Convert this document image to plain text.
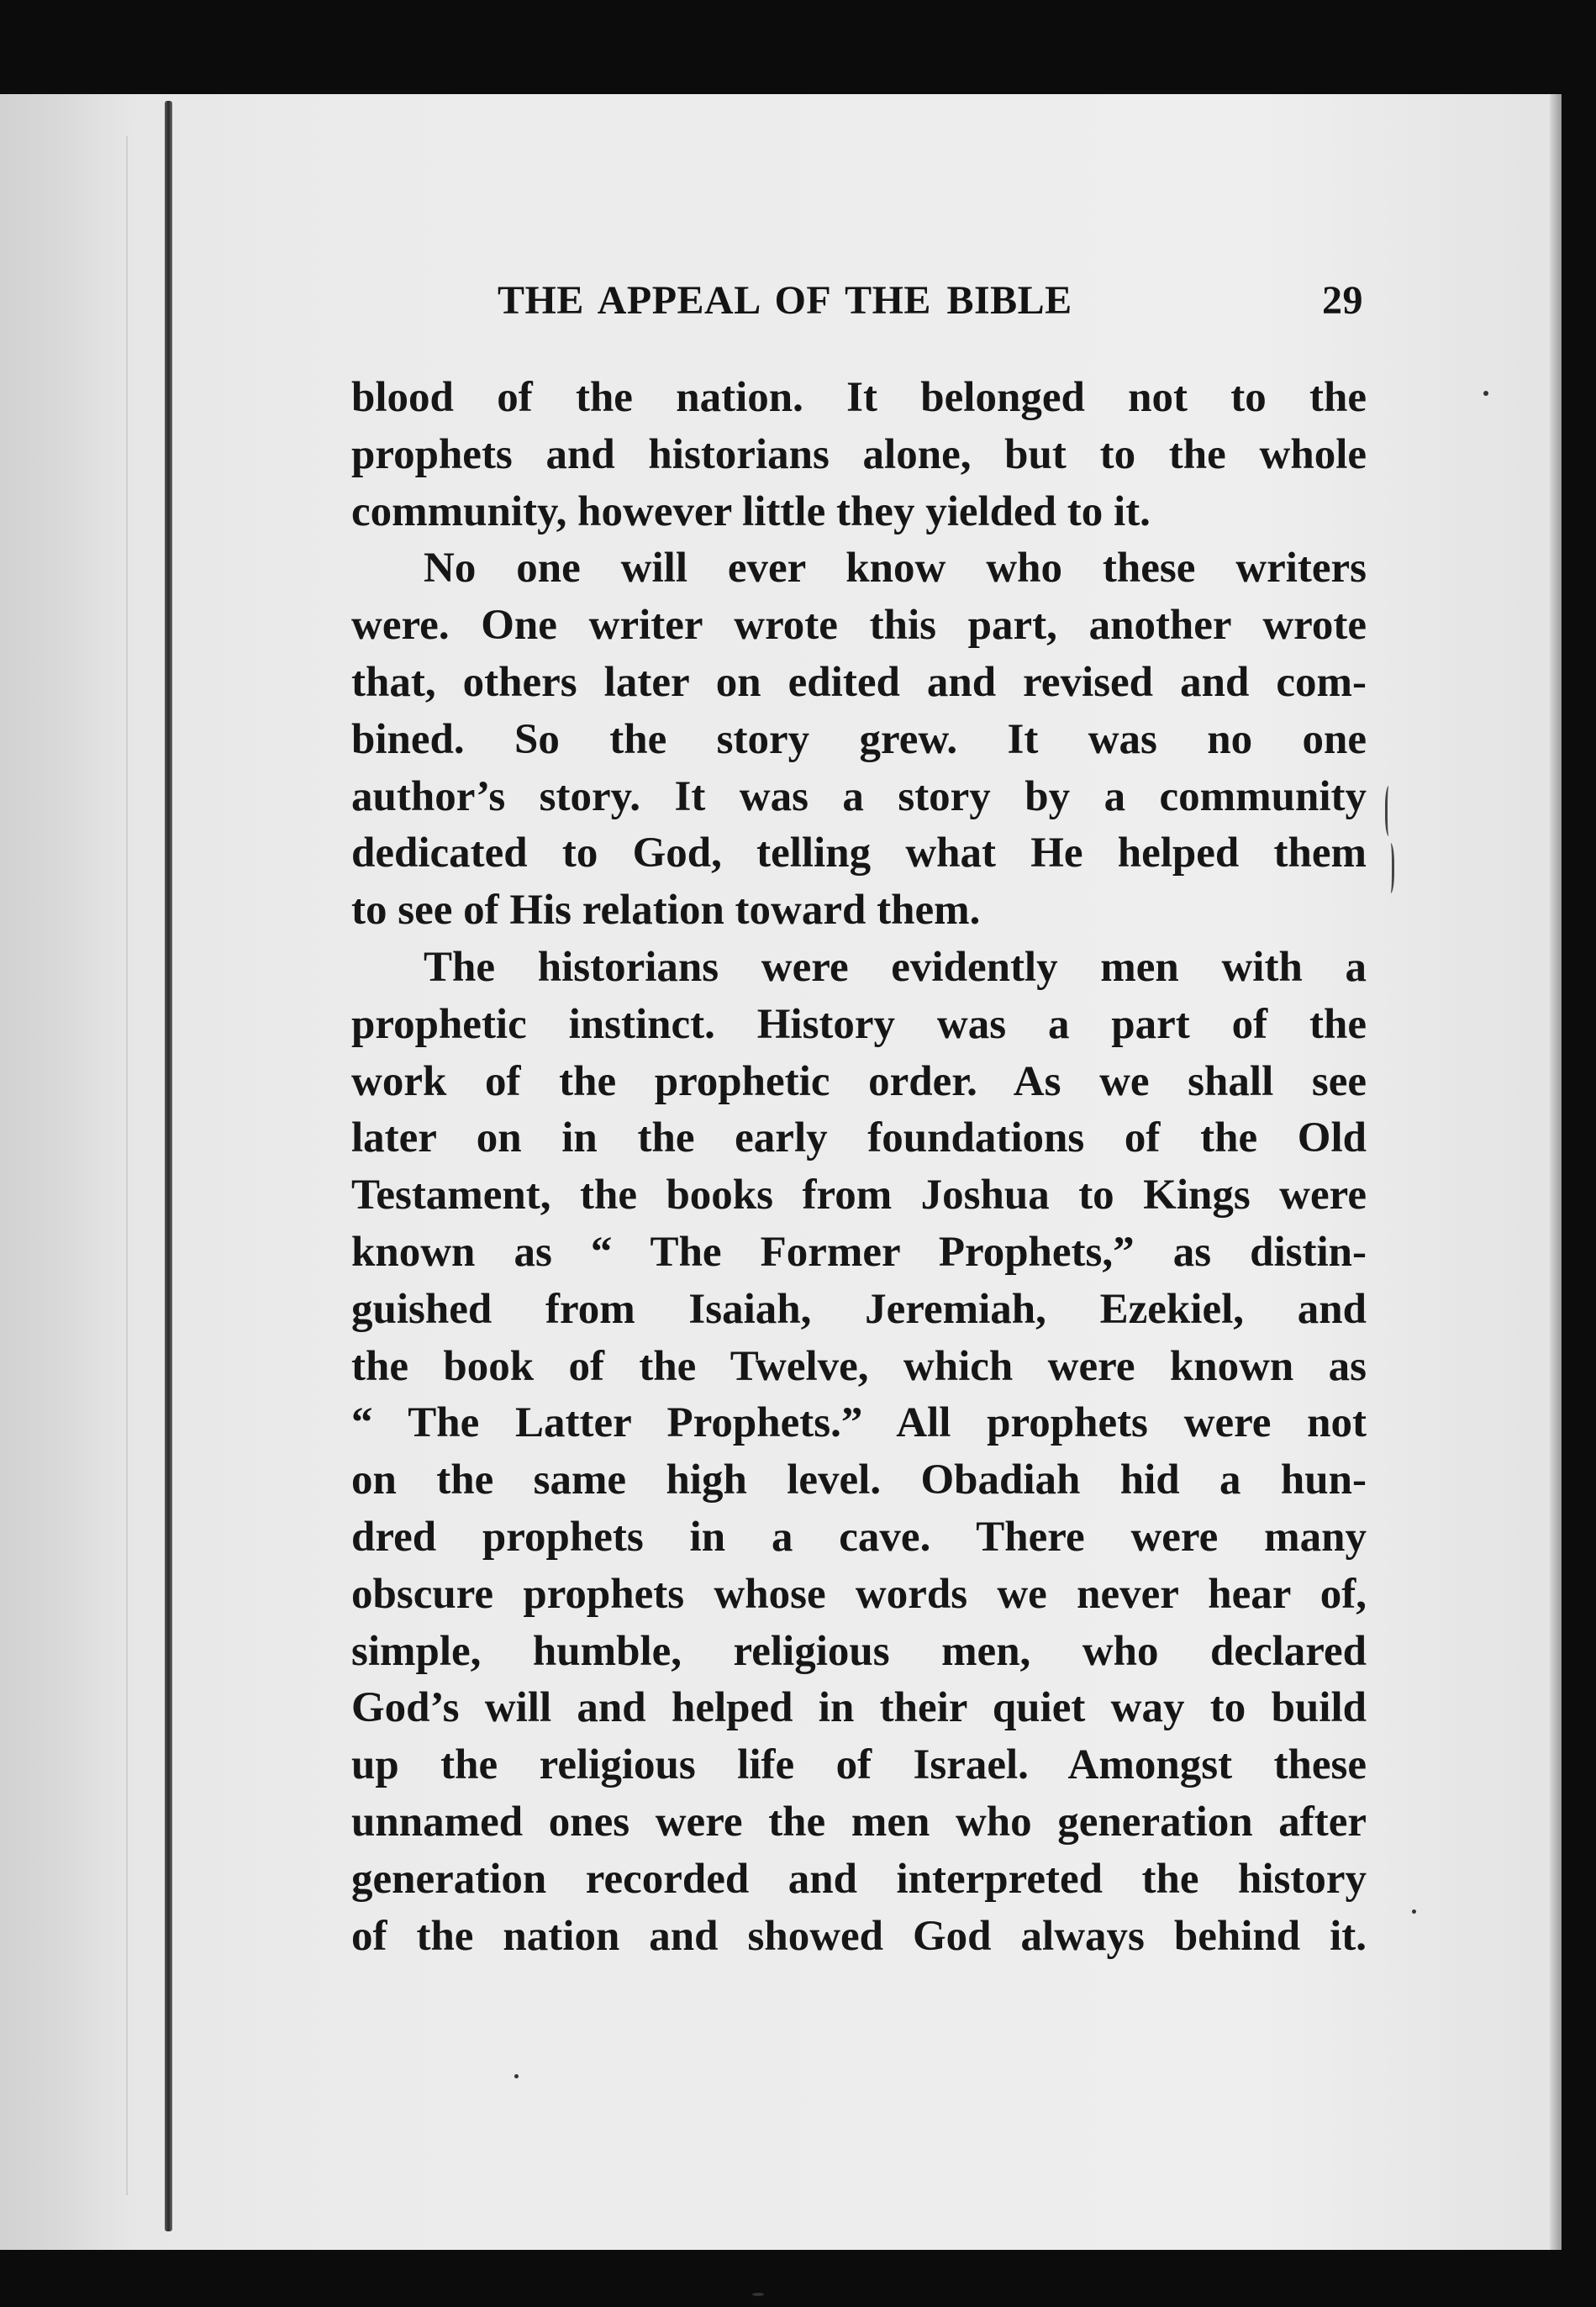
THE APPEAL OF THE BIBLE	29
blood of the nation. It belonged not to the
prophets and historians alone, but to the whole
community, however little they yielded to it.
No one will ever know who these writers
were. One writer wrote this part, another wrote
that, others later on edited and revised and com-
bined. So the story grew. It was no one
author’s story. It was a story by a community
dedicated to God, telling what He helped them
to see of His relation toward them.
The historians were evidently men with a
prophetic instinct. History was a part of the
work of the prophetic order. As we shall see
later on in the early foundations of the Old
Testament, the books from Joshua to Kings were
known as “ The Former Prophets,” as distin-
guished from Isaiah, Jeremiah, Ezekiel, and
the book of the Twelve, which were known as
“ The Latter Prophets.” All prophets were not
on the same high level. Obadiah hid a hun-
dred prophets in a cave. There were many
obscure prophets whose words we never hear of,
simple, humble, religious men, who declared
God’s will and helped in their quiet way to build
up the religious life of Israel. Amongst these
unnamed ones were the men who generation after
generation recorded and interpreted the history
of the nation and showed God always behind it.
